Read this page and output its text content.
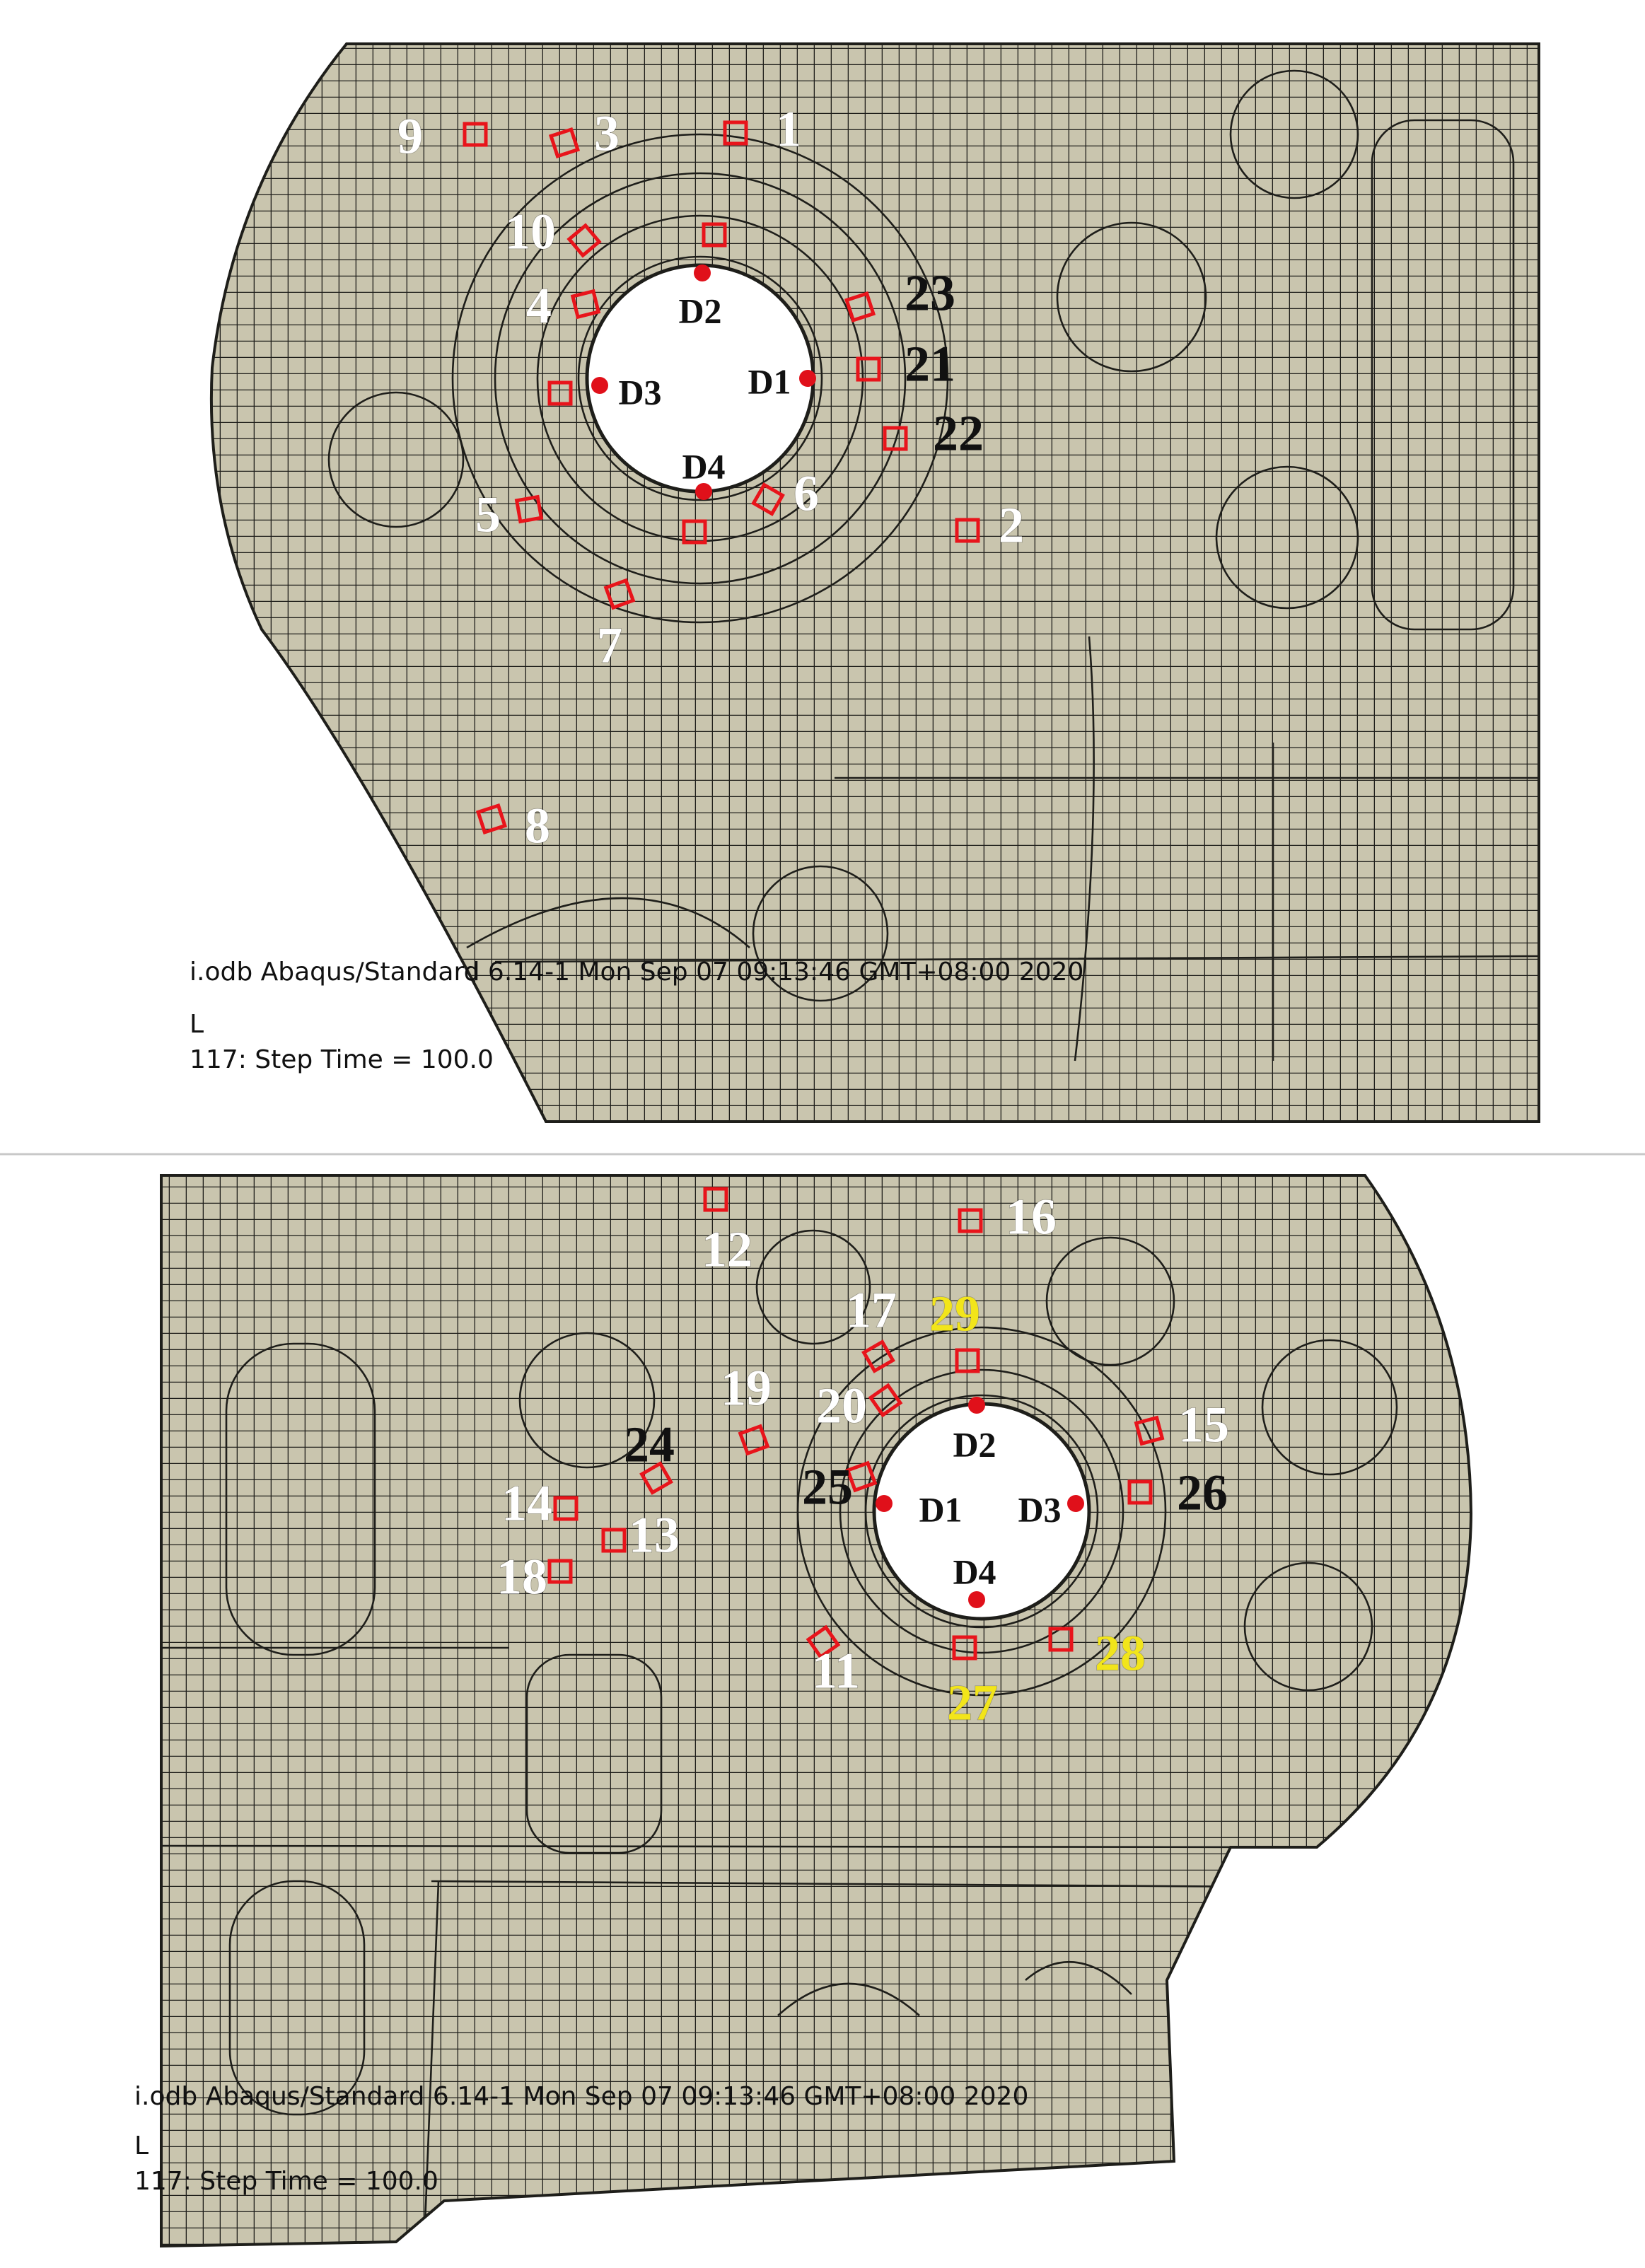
1
2
3
4
5	6
7
8
9
10
21
22
23
D2
D1
D3
D4
i.odb Abaqus/Standard 6.14-1 Mon Sep 07 09:13:46 GMT+08:00 2020
L
117: Step Time = 100.0
11
12
13
14
15
16
17
18
19 20
24
25	26
27
28
29
D2
D1 D3
D4
i.odb Abaqus/Standard 6.14-1 Mon Sep 07 09:13:46 GMT+08:00 2020
L
117: Step Time = 100.0
